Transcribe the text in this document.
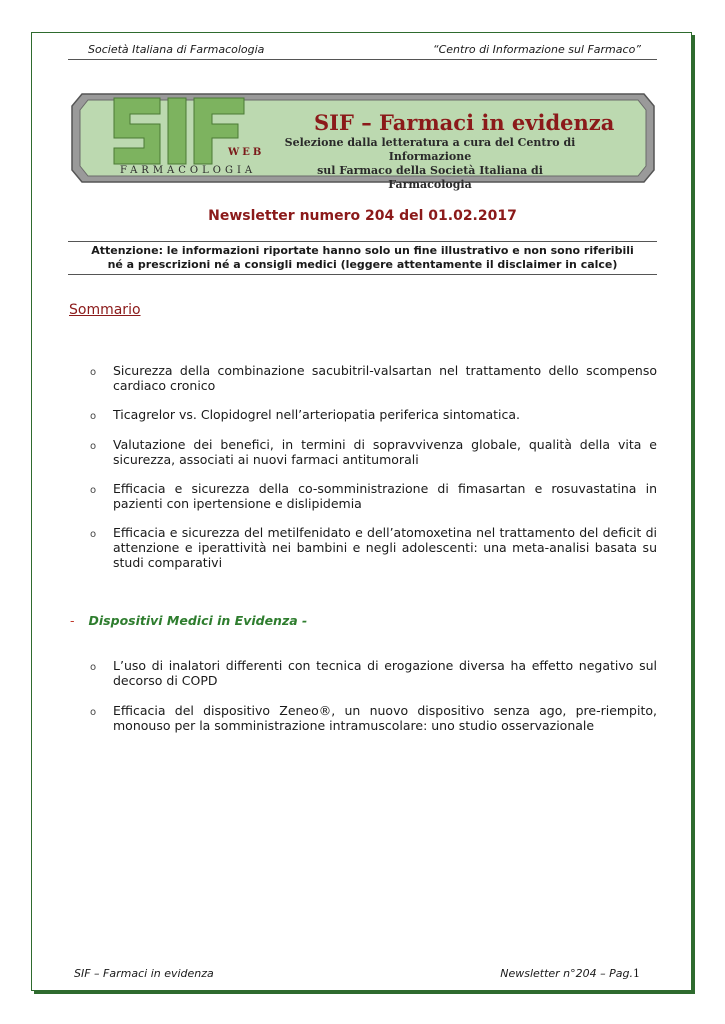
Società Italiana di Farmacologia	“Centro di Informazione sul Farmaco”
WEB
FARMACOLOGIA
SIF – Farmaci in evidenza
Selezione dalla letteratura a cura del Centro di Informazione
sul Farmaco della Società Italiana di Farmacologia
Newsletter numero 204 del 01.02.2017
Attenzione: le informazioni riportate hanno solo un fine illustrativo e non sono riferibili
né a prescrizioni né a consigli medici (leggere attentamente il disclaimer in calce)
Sommario
o Sicurezza della combinazione sacubitril-valsartan nel trattamento dello scompenso cardiaco cronico
o Ticagrelor vs. Clopidogrel nell’arteriopatia periferica sintomatica.
o Valutazione dei benefici, in termini di sopravvivenza globale, qualità della vita e sicurezza, associati ai nuovi farmaci antitumorali
o Efficacia e sicurezza della co-somministrazione di fimasartan e rosuvastatina in pazienti con ipertensione e dislipidemia
o Efficacia e sicurezza del metilfenidato e dell’atomoxetina nel trattamento del deficit di attenzione e iperattività nei bambini e negli adolescenti: una meta-analisi basata su studi comparativi
- Dispositivi Medici in Evidenza -
o L’uso di inalatori differenti con tecnica di erogazione diversa ha effetto negativo sul decorso di COPD
o Efficacia del dispositivo Zeneo®, un nuovo dispositivo senza ago, pre-riempito, monouso per la somministrazione intramuscolare: uno studio osservazionale
SIF – Farmaci in evidenza	Newsletter n°204 – Pag.1
